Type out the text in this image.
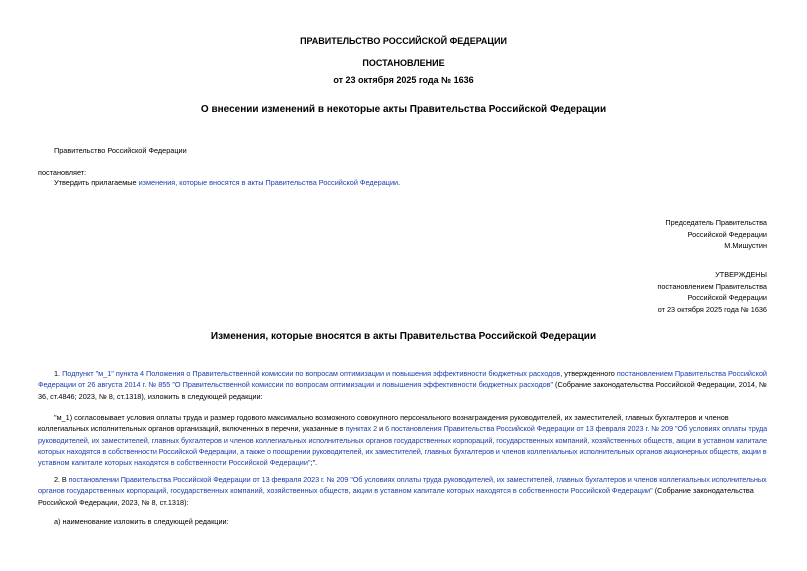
ПРАВИТЕЛЬСТВО РОССИЙСКОЙ ФЕДЕРАЦИИ
ПОСТАНОВЛЕНИЕ
от 23 октября 2025 года № 1636
О внесении изменений в некоторые акты Правительства Российской Федерации
Правительство Российской Федерации
постановляет:
Утвердить прилагаемые изменения, которые вносятся в акты Правительства Российской Федерации.
Председатель Правительства
Российской Федерации
М.Мишустин
УТВЕРЖДЕНЫ
постановлением Правительства
Российской Федерации
от 23 октября 2025 года № 1636
Изменения, которые вносятся в акты Правительства Российской Федерации
1. Подпункт "м_1" пункта 4 Положения о Правительственной комиссии по вопросам оптимизации и повышения эффективности бюджетных расходов, утвержденного постановлением Правительства Российской
Федерации от 26 августа 2014 г. № 855 "О Правительственной комиссии по вопросам оптимизации и повышения эффективности бюджетных расходов" (Собрание законодательства Российской Федерации, 2014, №
36, ст.4846; 2023, № 8, ст.1318), изложить в следующей редакции:
"м_1) согласовывает условия оплаты труда и размер годового максимально возможного совокупного персонального вознаграждения руководителей, их заместителей, главных бухгалтеров и членов
коллегиальных исполнительных органов организаций, включенных в перечни, указанные в пунктах 2 и 6 постановления Правительства Российской Федерации от 13 февраля 2023 г. № 209 "Об условиях оплаты труда
руководителей, их заместителей, главных бухгалтеров и членов коллегиальных исполнительных органов государственных корпораций, государственных компаний, хозяйственных обществ, акции в уставном капитале
которых находятся в собственности Российской Федерации, а также о поощрении руководителей, их заместителей, главных бухгалтеров и членов коллегиальных исполнительных органов акционерных обществ, акции в
уставном капитале которых находятся в собственности Российской Федерации";".
2. В постановлении Правительства Российской Федерации от 13 февраля 2023 г. № 209 "Об условиях оплаты труда руководителей, их заместителей, главных бухгалтеров и членов коллегиальных исполнительных
органов государственных корпораций, государственных компаний, хозяйственных обществ, акции в уставном капитале которых находятся в собственности Российской Федерации" (Собрание законодательства
Российской Федерации, 2023, № 8, ст.1318):
а) наименование изложить в следующей редакции:
